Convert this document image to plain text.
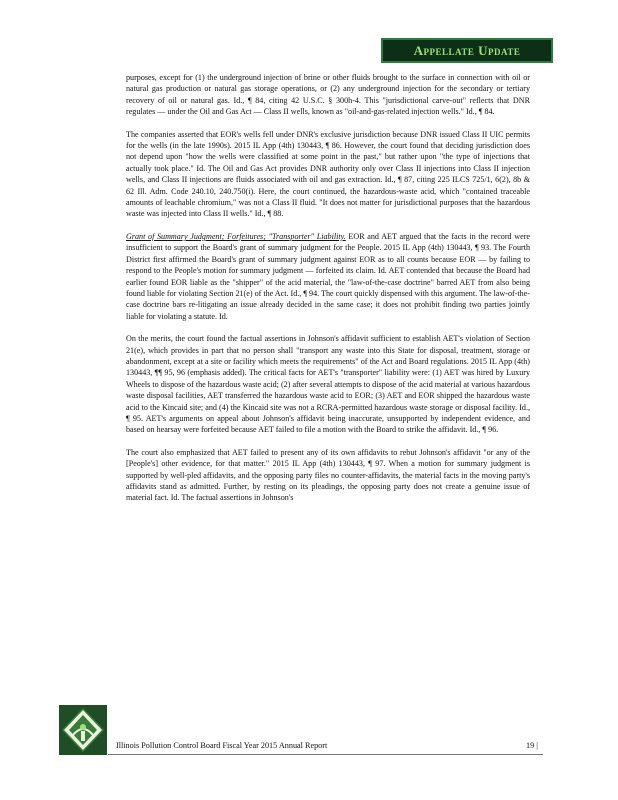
Appellate Update

purposes, except for (1) the underground injection of brine or other fluids brought to the surface in connection with oil or natural gas production or natural gas storage operations, or (2) any underground injection for the secondary or tertiary recovery of oil or natural gas. Id., ¶ 84, citing 42 U.S.C. § 300h-4. This "jurisdictional carve-out" reflects that DNR regulates — under the Oil and Gas Act — Class II wells, known as "oil-and-gas-related injection wells." Id., ¶ 84.

The companies asserted that EOR's wells fell under DNR's exclusive jurisdiction because DNR issued Class II UIC permits for the wells (in the late 1990s). 2015 IL App (4th) 130443, ¶ 86. However, the court found that deciding jurisdiction does not depend upon "how the wells were classified at some point in the past," but rather upon "the type of injections that actually took place." Id. The Oil and Gas Act provides DNR authority only over Class II injections into Class II injection wells, and Class II injections are fluids associated with oil and gas extraction. Id., ¶ 87, citing 225 ILCS 725/1, 6(2), 8b & 62 Ill. Adm. Code 240.10, 240.750(i). Here, the court continued, the hazardous-waste acid, which "contained traceable amounts of leachable chromium," was not a Class II fluid. "It does not matter for jurisdictional purposes that the hazardous waste was injected into Class II wells." Id., ¶ 88.

Grant of Summary Judgment; Forfeitures; "Transporter" Liability. EOR and AET argued that the facts in the record were insufficient to support the Board's grant of summary judgment for the People. 2015 IL App (4th) 130443, ¶ 93. The Fourth District first affirmed the Board's grant of summary judgment against EOR as to all counts because EOR — by failing to respond to the People's motion for summary judgment — forfeited its claim. Id. AET contended that because the Board had earlier found EOR liable as the "shipper" of the acid material, the "law-of-the-case doctrine" barred AET from also being found liable for violating Section 21(e) of the Act. Id., ¶ 94. The court quickly dispensed with this argument. The law-of-the-case doctrine bars re-litigating an issue already decided in the same case; it does not prohibit finding two parties jointly liable for violating a statute. Id.

On the merits, the court found the factual assertions in Johnson's affidavit sufficient to establish AET's violation of Section 21(e), which provides in part that no person shall "transport any waste into this State for disposal, treatment, storage or abandonment, except at a site or facility which meets the requirements" of the Act and Board regulations. 2015 IL App (4th) 130443, ¶¶ 95, 96 (emphasis added). The critical facts for AET's "transporter" liability were: (1) AET was hired by Luxury Wheels to dispose of the hazardous waste acid; (2) after several attempts to dispose of the acid material at various hazardous waste disposal facilities, AET transferred the hazardous waste acid to EOR; (3) AET and EOR shipped the hazardous waste acid to the Kincaid site; and (4) the Kincaid site was not a RCRA-permitted hazardous waste storage or disposal facility. Id., ¶ 95. AET's arguments on appeal about Johnson's affidavit being inaccurate, unsupported by independent evidence, and based on hearsay were forfeited because AET failed to file a motion with the Board to strike the affidavit. Id., ¶ 96.

The court also emphasized that AET failed to present any of its own affidavits to rebut Johnson's affidavit "or any of the [People's] other evidence, for that matter." 2015 IL App (4th) 130443, ¶ 97. When a motion for summary judgment is supported by well-pled affidavits, and the opposing party files no counter-affidavits, the material facts in the moving party's affidavits stand as admitted. Further, by resting on its pleadings, the opposing party does not create a genuine issue of material fact. Id. The factual assertions in Johnson's

Illinois Pollution Control Board Fiscal Year 2015 Annual Report	19 |
